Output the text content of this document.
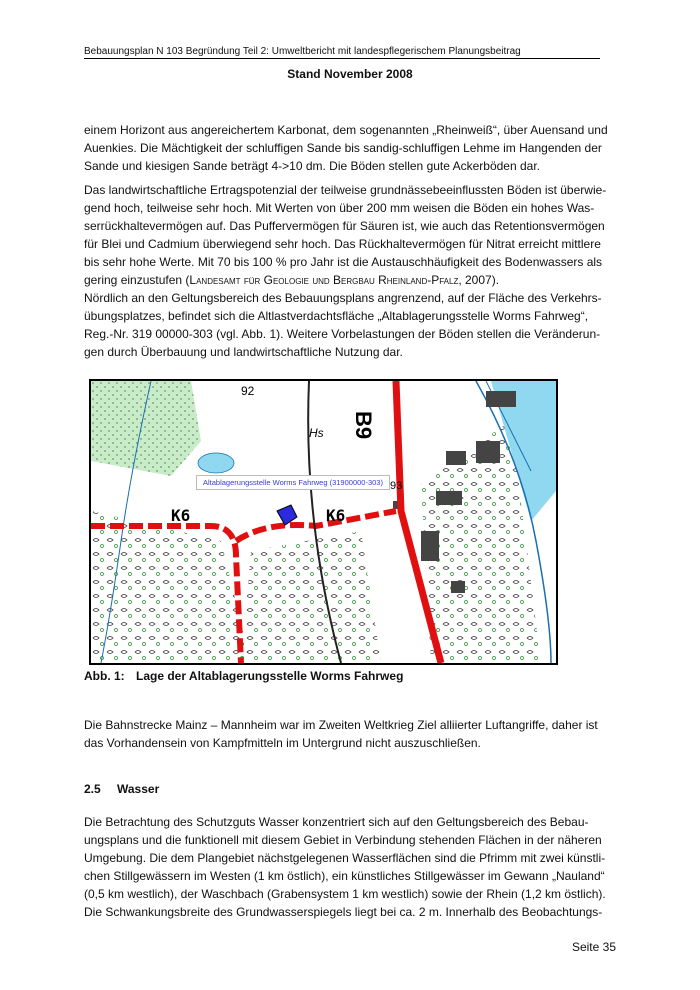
Bebauungsplan N 103 Begründung Teil 2: Umweltbericht mit landespflegerischem Planungsbeitrag
Stand November 2008
einem Horizont aus angereichertem Karbonat, dem sogenannten „Rheinweiß“, über Auensand und
Auenkies. Die Mächtigkeit der schluffigen Sande bis sandig-schluffigen Lehme im Hangenden der
Sande und kiesigen Sande beträgt 4->10 dm. Die Böden stellen gute Ackerböden dar.
Das landwirtschaftliche Ertragspotenzial der teilweise grundnässebeeinflussten Böden ist überwie-
gend hoch, teilweise sehr hoch. Mit Werten von über 200 mm weisen die Böden ein hohes Was-
serrückhaltevermögen auf. Das Puffervermögen für Säuren ist, wie auch das Retentionsvermögen
für Blei und Cadmium überwiegend sehr hoch. Das Rückhaltevermögen für Nitrat erreicht mittlere
bis sehr hohe Werte. Mit 70 bis 100 % pro Jahr ist die Austauschhäufigkeit des Bodenwassers als
gering einzustufen (Landesamt für Geologie und Bergbau Rheinland-Pfalz, 2007).
Nördlich an den Geltungsbereich des Bebauungsplans angrenzend, auf der Fläche des Verkehrs-
übungsplatzes, befindet sich die Altlastverdachtsfläche „Altablagerungsstelle Worms Fahrweg“,
Reg.-Nr. 319 00000-303 (vgl. Abb. 1). Weitere Vorbelastungen der Böden stellen die Veränderun-
gen durch Überbauung und landwirtschaftliche Nutzung dar.
K6	K6
B9
92
Hs
93
Altablagerungsstelle Worms Fahrweg (31900000-303)
Abb. 1: Lage der Altablagerungsstelle Worms Fahrweg
Die Bahnstrecke Mainz – Mannheim war im Zweiten Weltkrieg Ziel alliierter Luftangriffe, daher ist
das Vorhandensein von Kampfmitteln im Untergrund nicht auszuschließen.
2.5 Wasser
Die Betrachtung des Schutzguts Wasser konzentriert sich auf den Geltungsbereich des Bebau-
ungsplans und die funktionell mit diesem Gebiet in Verbindung stehenden Flächen in der näheren
Umgebung. Die dem Plangebiet nächstgelegenen Wasserflächen sind die Pfrimm mit zwei künstli-
chen Stillgewässern im Westen (1 km östlich), ein künstliches Stillgewässer im Gewann „Nauland“
(0,5 km westlich), der Waschbach (Grabensystem 1 km westlich) sowie der Rhein (1,2 km östlich).
Die Schwankungsbreite des Grundwasserspiegels liegt bei ca. 2 m. Innerhalb des Beobachtungs-
Seite 35
